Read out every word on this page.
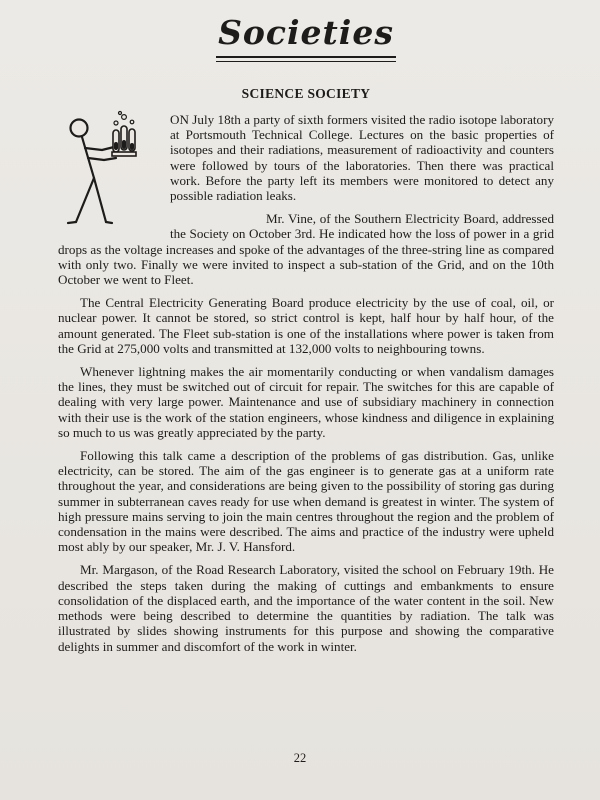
Societies
SCIENCE SOCIETY

ON July 18th a party of sixth formers visited the radio isotope laboratory at Portsmouth Technical College. Lectures on the basic properties of isotopes and their radiations, measurement of radioactivity and counters were followed by tours of the laboratories. Then there was practical work. Before the party left its members were monitored to detect any possible radiation leaks.

Mr. Vine, of the Southern Electricity Board, addressed the Society on October 3rd. He indicated how the loss of power in a grid drops as the voltage increases and spoke of the advantages of the three-string line as compared with only two. Finally we were invited to inspect a sub-station of the Grid, and on the 10th October we went to Fleet.

The Central Electricity Generating Board produce electricity by the use of coal, oil, or nuclear power. It cannot be stored, so strict control is kept, half hour by half hour, of the amount generated. The Fleet sub-station is one of the installations where power is taken from the Grid at 275,000 volts and transmitted at 132,000 volts to neighbouring towns.

Whenever lightning makes the air momentarily conducting or when vandalism damages the lines, they must be switched out of circuit for repair. The switches for this are capable of dealing with very large power. Maintenance and use of subsidiary machinery in connection with their use is the work of the station engineers, whose kindness and diligence in explaining so much to us was greatly appreciated by the party.

Following this talk came a description of the problems of gas distribution. Gas, unlike electricity, can be stored. The aim of the gas engineer is to generate gas at a uniform rate throughout the year, and considerations are being given to the possibility of storing gas during summer in subterranean caves ready for use when demand is greatest in winter. The system of high pressure mains serving to join the main centres throughout the region and the problem of condensation in the mains were described. The aims and practice of the industry were upheld most ably by our speaker, Mr. J. V. Hansford.

Mr. Margason, of the Road Research Laboratory, visited the school on February 19th. He described the steps taken during the making of cuttings and embankments to ensure consolidation of the displaced earth, and the importance of the water content in the soil. New methods were being described to determine the quantities by radiation. The talk was illustrated by slides showing instruments for this purpose and showing the comparative delights in summer and discomfort of the work in winter.

22
